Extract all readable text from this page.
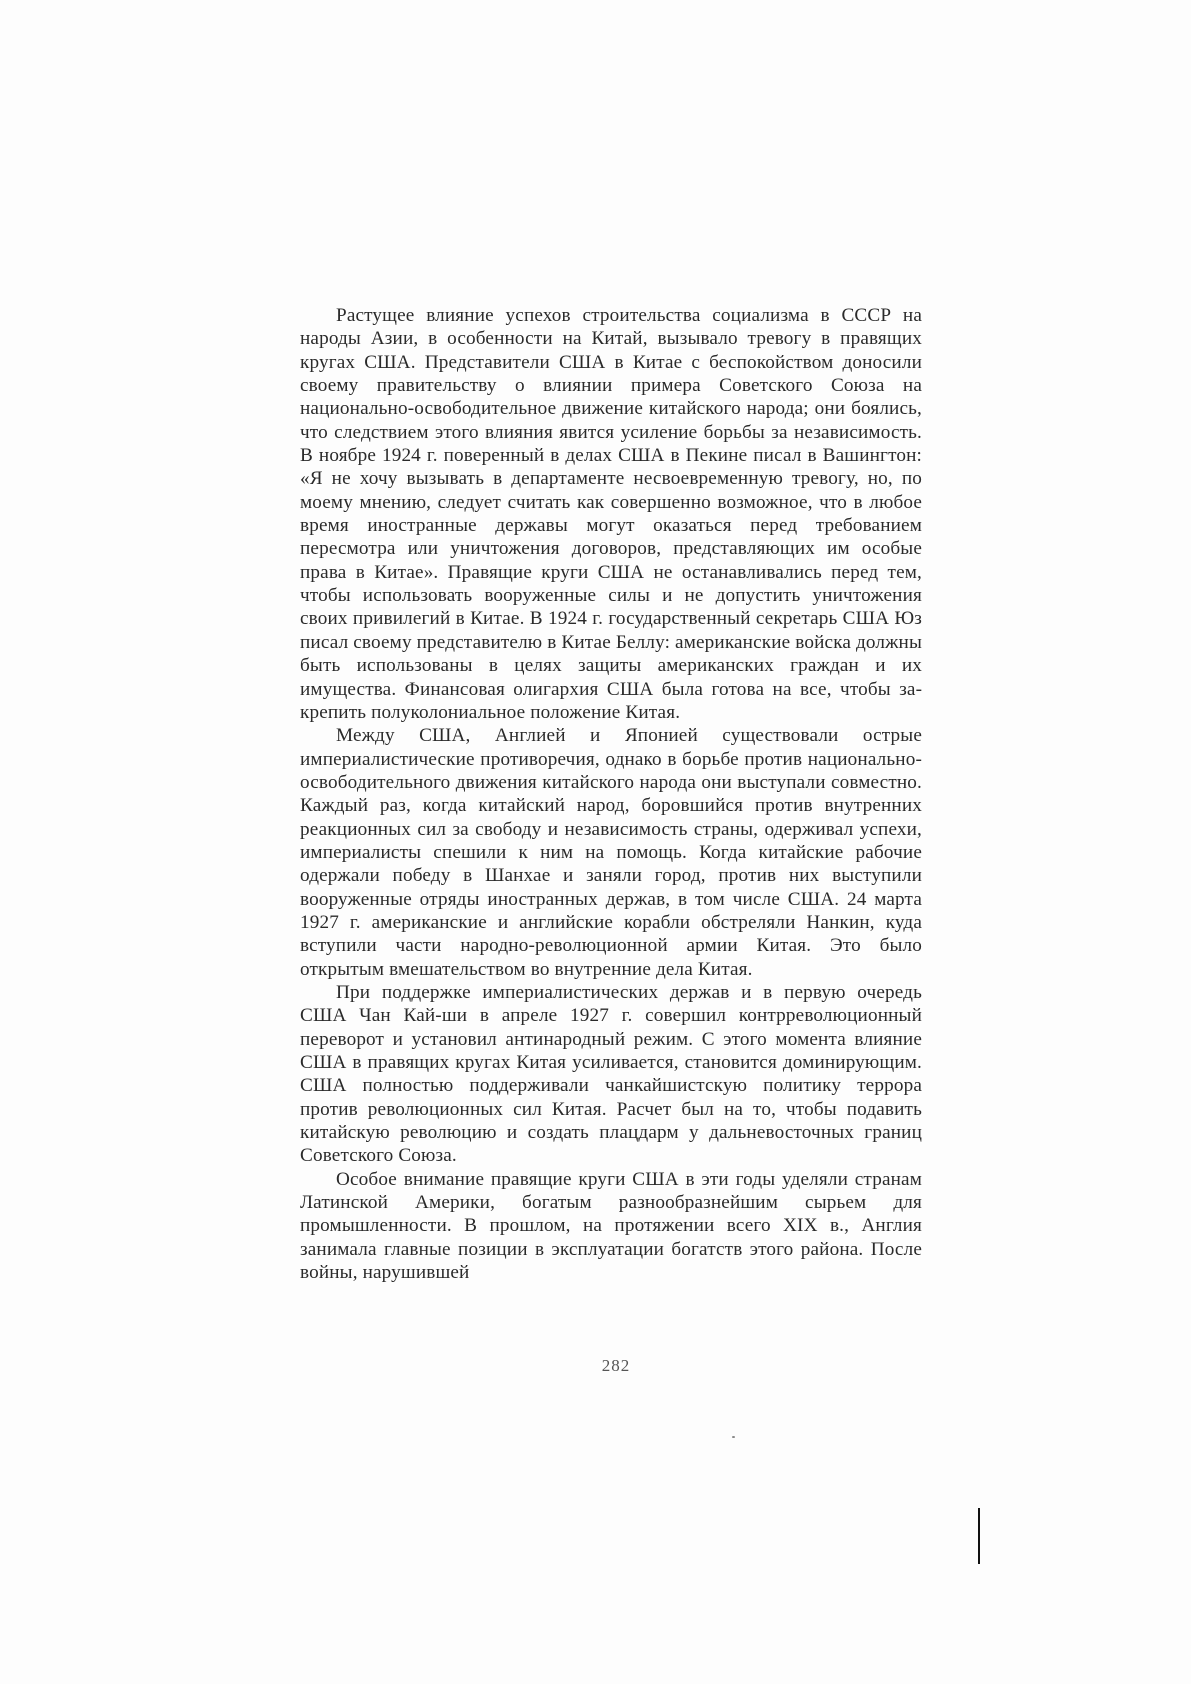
Растущее влияние успехов строительства социализма в СССР на народы Азии, в особенности на Китай, вызывало тревогу в правящих кругах США. Представители США в Китае с беспокойством доносили своему правительству о влиянии примера Советского Союза на национально-освободительное движение китайского народа; они боялись, что следствием этого влияния явится усиление борьбы за независимость. В ноябре 1924 г. поверенный в делах США в Пекине писал в Вашингтон: «Я не хочу вызывать в департаменте несвоевременную тревогу, но, по моему мнению, следует считать как совершенно возможное, что в любое время иностранные державы могут оказаться перед требованием пересмотра или уничтожения договоров, представляющих им особые права в Китае». Правящие круги США не останавливались перед тем, чтобы использовать вооруженные силы и не допустить уничтожения своих привилегий в Китае. В 1924 г. государственный секретарь США Юз писал своему представителю в Китае Беллу: американские войска должны быть использованы в целях защиты американских граждан и их имущества. Финансовая олигархия США была готова на все, чтобы закрепить полуколониальное положение Китая.

Между США, Англией и Японией существовали острые империалистические противоречия, однако в борьбе против национально-освободительного движения китайского народа они выступали совместно. Каждый раз, когда китайский народ, боровшийся против внутренних реакционных сил за свободу и независимость страны, одерживал успехи, империалисты спешили к ним на помощь. Когда китайские рабочие одержали победу в Шанхае и заняли город, против них выступили вооруженные отряды иностранных держав, в том числе США. 24 марта 1927 г. американские и английские корабли обстреляли Нанкин, куда вступили части народно-революционной армии Китая. Это было открытым вмешательством во внутренние дела Китая.

При поддержке империалистических держав и в первую очередь США Чан Кай-ши в апреле 1927 г. совершил контрреволюционный переворот и установил антинародный режим. С этого момента влияние США в правящих кругах Китая усиливается, становится доминирующим. США полностью поддерживали чанкайшистскую политику террора против революционных сил Китая. Расчет был на то, чтобы подавить китайскую революцию и создать плацдарм у дальневосточных границ Советского Союза.

Особое внимание правящие круги США в эти годы уделяли странам Латинской Америки, богатым разнообразнейшим сырьем для промышленности. В прошлом, на протяжении всего XIX в., Англия занимала главные позиции в эксплуатации богатств этого района. После войны, нарушившей

282
